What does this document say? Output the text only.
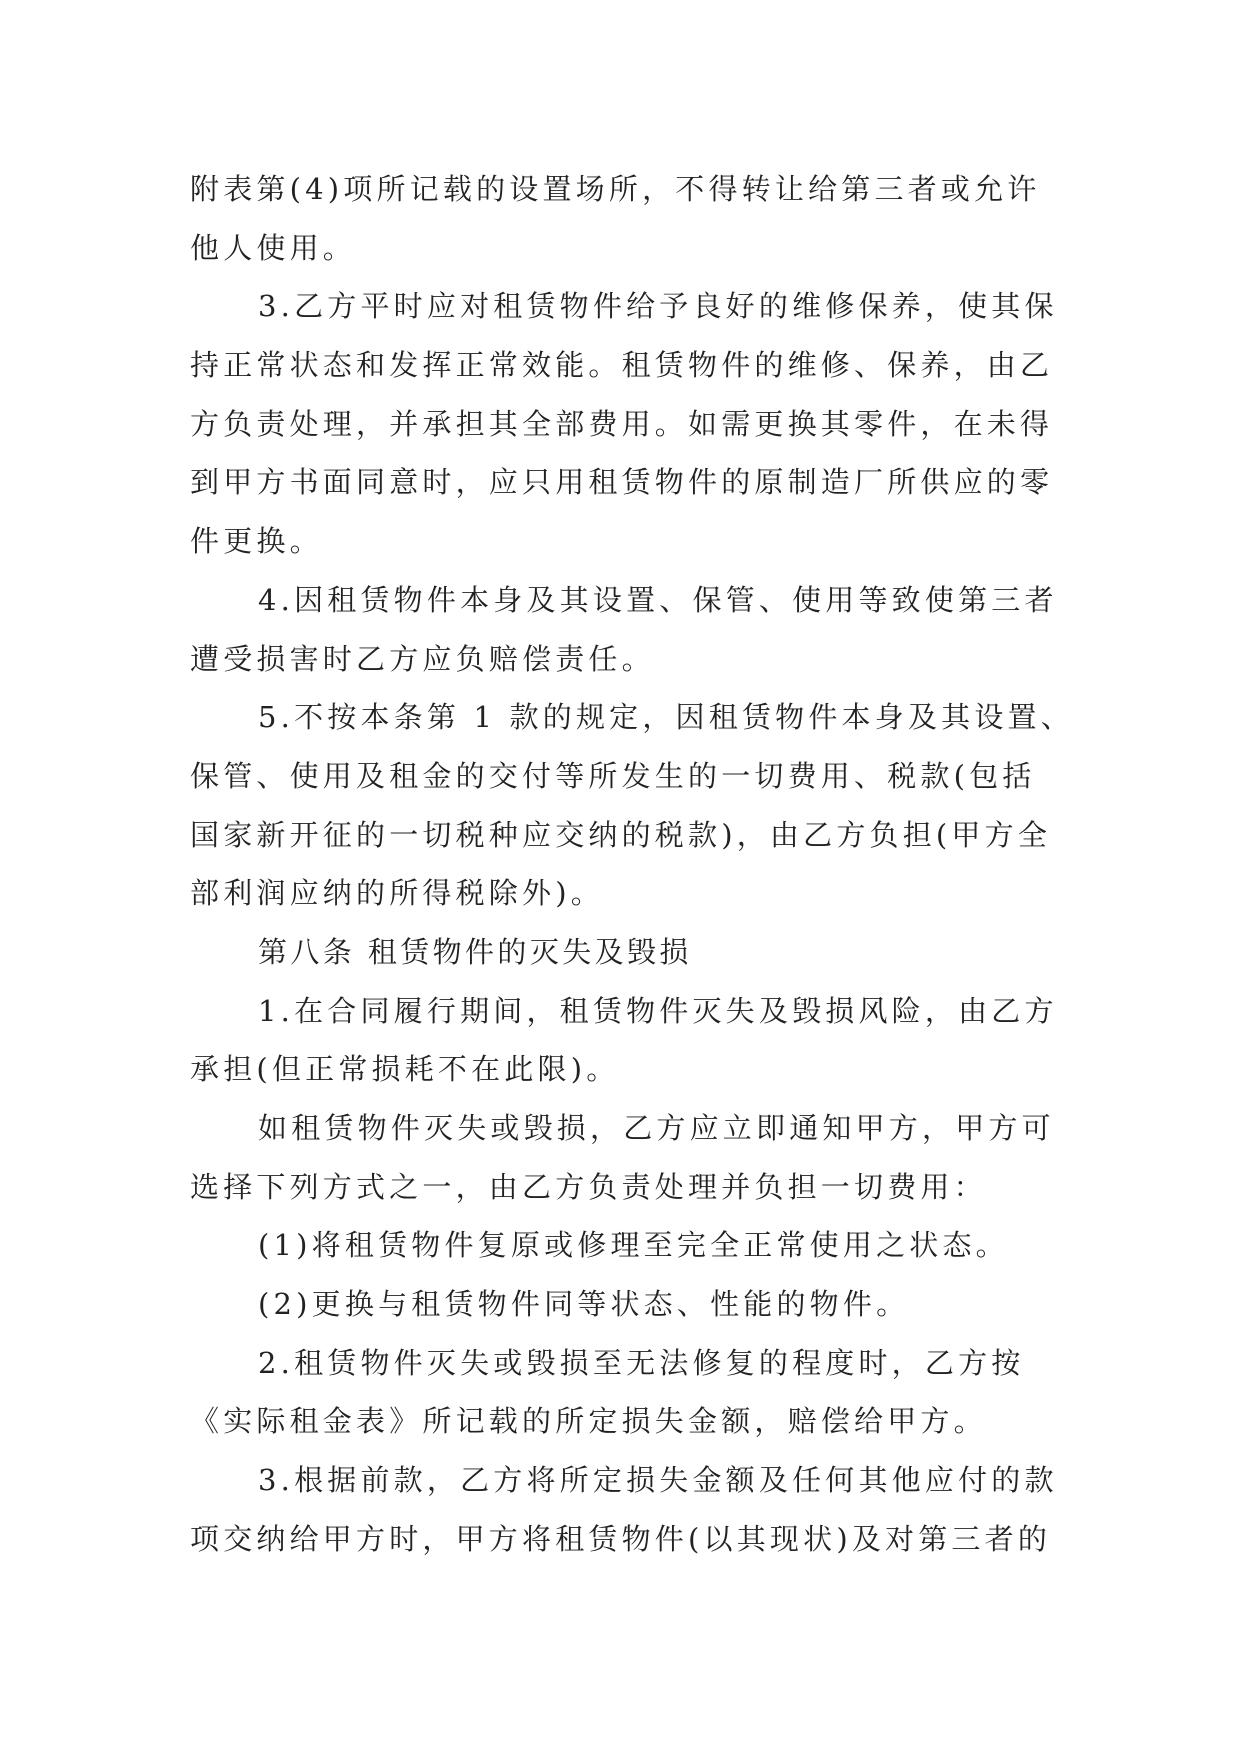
附表第(4)项所记载的设置场所，不得转让给第三者或允许
他人使用。
3.乙方平时应对租赁物件给予良好的维修保养，使其保
持正常状态和发挥正常效能。租赁物件的维修、保养，由乙
方负责处理，并承担其全部费用。如需更换其零件，在未得
到甲方书面同意时，应只用租赁物件的原制造厂所供应的零
件更换。
4.因租赁物件本身及其设置、保管、使用等致使第三者
遭受损害时乙方应负赔偿责任。
5.不按本条第 1 款的规定，因租赁物件本身及其设置、
保管、使用及租金的交付等所发生的一切费用、税款(包括
国家新开征的一切税种应交纳的税款)，由乙方负担(甲方全
部利润应纳的所得税除外)。
第八条 租赁物件的灭失及毁损
1.在合同履行期间，租赁物件灭失及毁损风险，由乙方
承担(但正常损耗不在此限)。
如租赁物件灭失或毁损，乙方应立即通知甲方，甲方可
选择下列方式之一，由乙方负责处理并负担一切费用：
(1)将租赁物件复原或修理至完全正常使用之状态。
(2)更换与租赁物件同等状态、性能的物件。
2.租赁物件灭失或毁损至无法修复的程度时，乙方按
《实际租金表》所记载的所定损失金额，赔偿给甲方。
3.根据前款，乙方将所定损失金额及任何其他应付的款
项交纳给甲方时，甲方将租赁物件(以其现状)及对第三者的
